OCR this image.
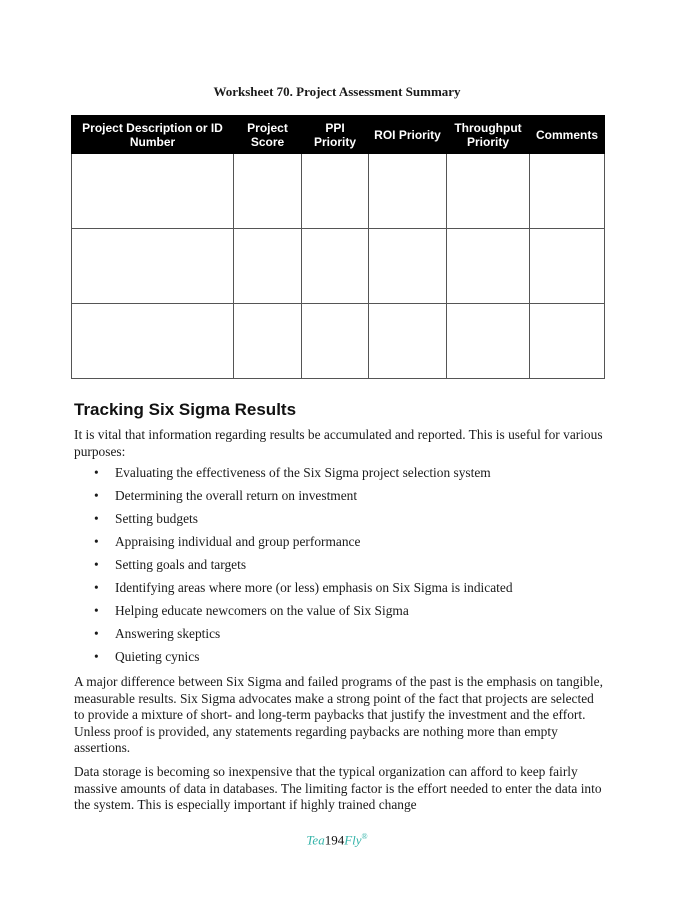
Worksheet 70. Project Assessment Summary
Project Description or ID Number	Project Score	PPI Priority	ROI Priority	Throughput Priority	Comments

Tracking Six Sigma Results

It is vital that information regarding results be accumulated and reported. This is useful for various purposes:

• Evaluating the effectiveness of the Six Sigma project selection system
• Determining the overall return on investment
• Setting budgets
• Appraising individual and group performance
• Setting goals and targets
• Identifying areas where more (or less) emphasis on Six Sigma is indicated
• Helping educate newcomers on the value of Six Sigma
• Answering skeptics
• Quieting cynics

A major difference between Six Sigma and failed programs of the past is the emphasis on tangible, measurable results. Six Sigma advocates make a strong point of the fact that projects are selected to provide a mixture of short- and long-term paybacks that justify the investment and the effort. Unless proof is provided, any statements regarding paybacks are nothing more than empty assertions.

Data storage is becoming so inexpensive that the typical organization can afford to keep fairly massive amounts of data in databases. The limiting factor is the effort needed to enter the data into the system. This is especially important if highly trained change

Tea194Fly®
